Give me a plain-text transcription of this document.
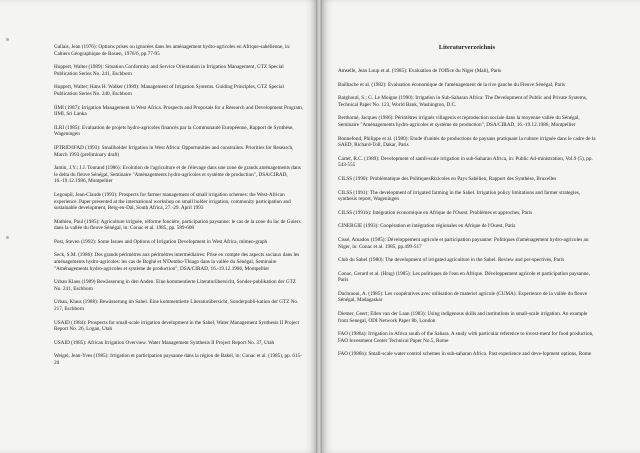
Gallais, Jean (1976): Options prises ou ignorées dans les aménagement hydro-agricoles en Afrique-sahélienne, in: Cahiers Géographique de Rouen, 1976/6, pp.77-95

Huppert, Walter (1989): Situation Conformity and Service Orientation in Irrigation Management, GTZ Special Publication Series No. 241, Eschborn

Huppert, Walter; Hans H. Walker (1989): Management of Irrigation Systems. Guiding Principles, GTZ Special Publication Series No. 240, Eschborn

IIMI (1987): Irrigation Management in West Africa. Prospects and Proposals for a Research and Development Program, IIMI, Sri Lanka

ILRI (1985): Evaluation de projets hydro-agricoles financés par la Communauté Européenne, Rapport de Synthèse, Wageningen

IPTRID/IFAD (1993): Smallholder Irrigation in West Africa: Opportunities and constraints. Priorities for Research, March 1993 (preliminary draft)

Jamin, J.Y.; J.J. Tourand (1986): Evolution de l'agriculture et de l'élevage dans une zone de grands aménagements dans le delta du fleuve Sénégal, Seminaire "Aménagements hydro-agricoles et système de production", DSA/CIRAD, 16.-19.12.1986, Montpellier

Legoupil, Jean-Claude (1993): Prospects for farmer management of small irrigation schemes: the West-African experience. Paper presented at the international workshop on small holder irrigation, community participation and sustainable development, Berg-en-Dal, South Africa, 27.-29. April 1993

Mathieu, Paul (1985): Agriculture irriguée, réforme foncière, participation paysanne: le cas de la zone du lac de Guiers dans la vallée du fleuve Sénégal, in: Conac et al. 1985, pp. 589-608

Post, Steven (1992): Some Issues and Options of Irrigation Development in West Africa, mimeo-graph

Seck, S.M. (1986): Des grands périmètres aux périmètres intermédiaires: Prise en compte des aspects sociaux dans les aménagements hydro-agricoles: les cas de Boghé et N'Dombo-Thiago dans la vallée du Sénégal, Seminaire "Aménagements hydro-agricoles et système de production", DSA/CIRAD, 16.-19.12.1986, Montpellier

Urban Klaus (1989) Bewässerung in den Anden. Eine kommentierte Literaturübersicht, Sonder-publikation der GTZ No. 241, Eschborn

Urban, Klaus (1988): Bewässerung im Sahel. Eine kommentierte Literaturübersicht, Sonderpubli-kation der GTZ No. 217, Eschborn

USAID (1984): Prospects for small-scale irrigation development in the Sahel, Water Management Synthesis II Project Report No. 26, Logan, Utah

USAID (1985): African Irrigation Overview. Water Management Synthesis II Project Report No. 37, Utah

Weigel, Jean-Yves (1985): Irrigation et participation paysanne dans la région de Bakel, in: Conac et al. (1985), pp. 615-20

Literaturverzeichnis

Amselle, Jean Loup et al. (1985): Evaluation de l'Office du Niger (Mali), Paris

Bailhache et al. (1982): Evaluation économique de l'aménagement de la rive gauche du Fleuve Sénégal, Paris

Barghouti, S.; G. Le Moigne (1990): Irrigation in Sub-Saharan Africa: The Development of Public and Private Systems, Technical Paper No. 123, World Bank, Washington, D.C.

Berthomé, Jacques (1986): Périmètres irrigués villageois et reproduction sociale dans la moyenne vallée du Sénégal, Seminaire "Aménagements hydro-agricoles et système de production", DSA/CIRAD, 16.-19.12.1986, Montpellier

Bonnefond, Philippe et al. (1980): Etude d'unités de productions de paysans pratiquant la culture irriguée dans le cadre de la SAED, Richard-Toll, Dakar, Paris

Carter, R.C. (1989): Development of samll-scale irrigation in sub-Saharan Africa, in: Public Ad-ministration, Vol.9 (5), pp. 543-555

CILSS (1990): Problématique des PolitiquesRizicoles en Pays Sahélien, Rapport des Synthèse, Bruxelles

CILSS (1991): The development of irrigated farming in the Sahel. Irrigation policy limitations and farmer strategies, synthesis report, Wageningen

CILSS (1991b): Intégration économique en Afrique de l'Ouest. Problèmes et approches, Paris

CINERGIE (1993): Coopération et intégration régionales en Afrique de l'Ouest, Paris

Cissé, Amadou (1985): Développement agricole et participation paysanne: Politiques d'aménagement hydro-agricoles au Niger, in: Conac et al. 1985, pp.499-517

Club du Sahel (1980): The development of irrigated agriculture in the Sahel. Review and per-spectives, Paris

Conac, Gerard et al. (Hrsg) (1985): Les politiques de l'eau en Afrique. Développement agricole et participation paysanne, Paris

Dachraoui, A. (1985): Les coopératives avec utilisation de materiel agricole (CUMA): Experience de la vallée du fleuve Sénégal, Madagaskar

Diemer, Geert; Ellen van der Laan (1983): Using indigenous skills and institutions in small-scale irrigation. An example from Senegal, ODI Network Paper 8b, London

FAO (1986a): Irrigation in Africa south of the Sahara. A study with particular reference to invest-ment for food production, FAO Investment Center Technical Paper No.5, Rome

FAO (1986b): Small-scale water control schemes in sub-saharan Africa. Past experience and deve-lopment options, Rome
